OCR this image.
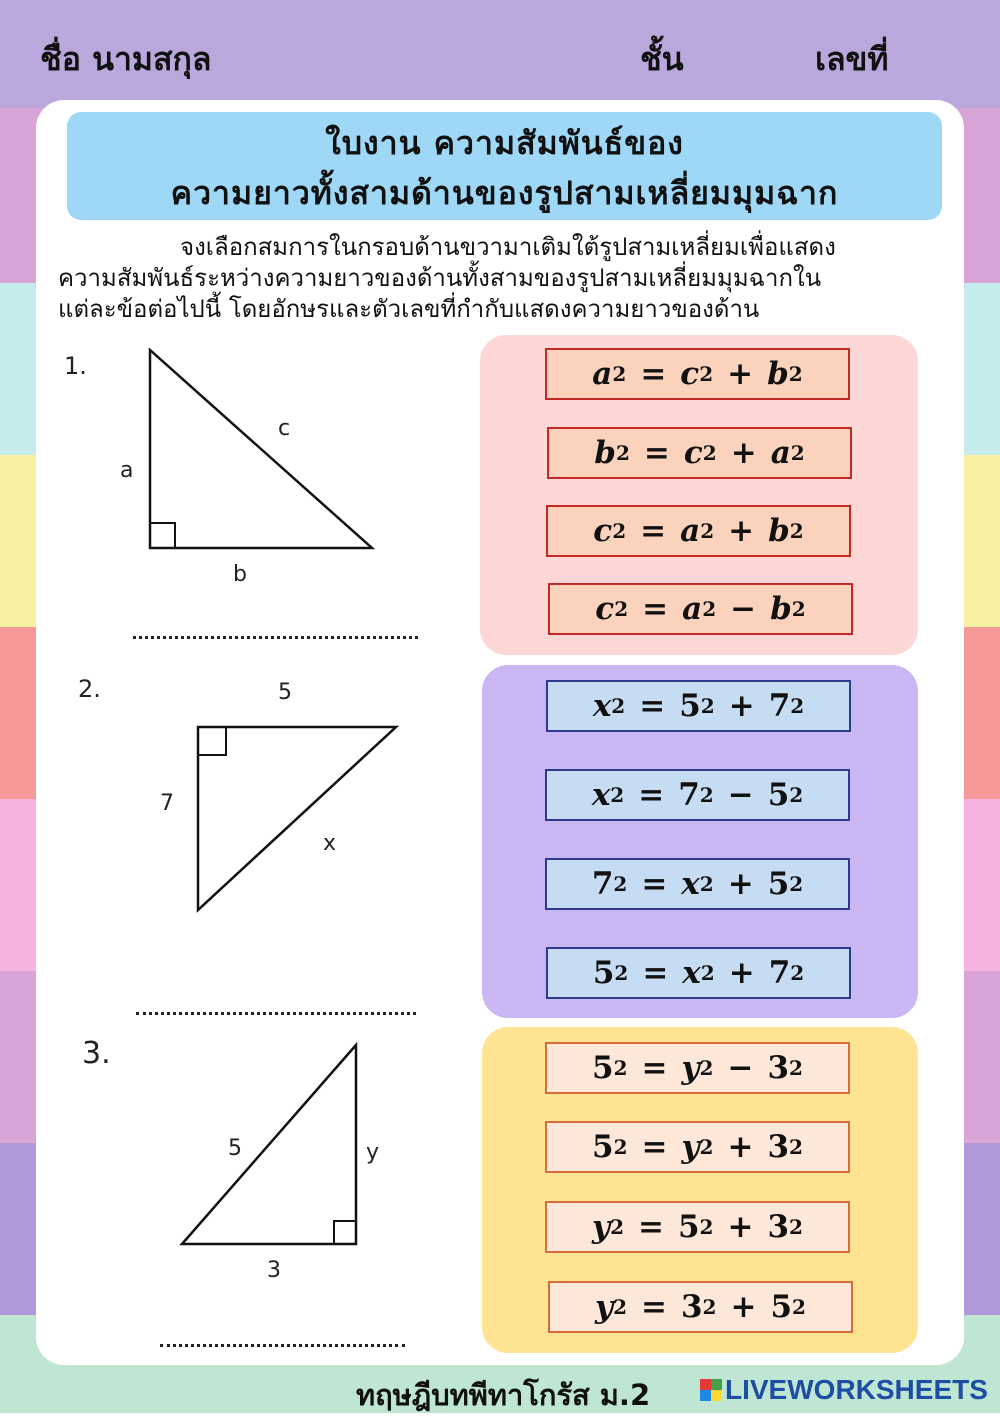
ชื่อ นามสกุล	ชั้น	เลขที่
ใบงาน ความสัมพันธ์ของ
ความยาวทั้งสามด้านของรูปสามเหลี่ยมมุมฉาก
จงเลือกสมการในกรอบด้านขวามาเติมใต้รูปสามเหลี่ยมเพื่อแสดง
ความสัมพันธ์ระหว่างความยาวของด้านทั้งสามของรูปสามเหลี่ยมมุมฉากใน
แต่ละข้อต่อไปนี้ โดยอักษรและตัวเลขที่กำกับแสดงความยาวของด้าน
1.
a
c
b
a 2 = c 2 + b 2
b 2 = c 2 + a 2
c 2 = a 2 + b 2
c 2 = a 2 − b 2
2.	5
7
x
x 2 = 5 2 + 7 2
x 2 = 7 2 − 5 2
7 2 = x 2 + 5 2
5 2 = x 2 + 7 2
3.
5	y
3
5 2 = y 2 − 3 2
5 2 = y 2 + 3 2
y 2 = 5 2 + 3 2
y 2 = 3 2 + 5 2
ทฤษฎีบทพีทาโกรัส ม.2	LIVEWORKSHEETS
